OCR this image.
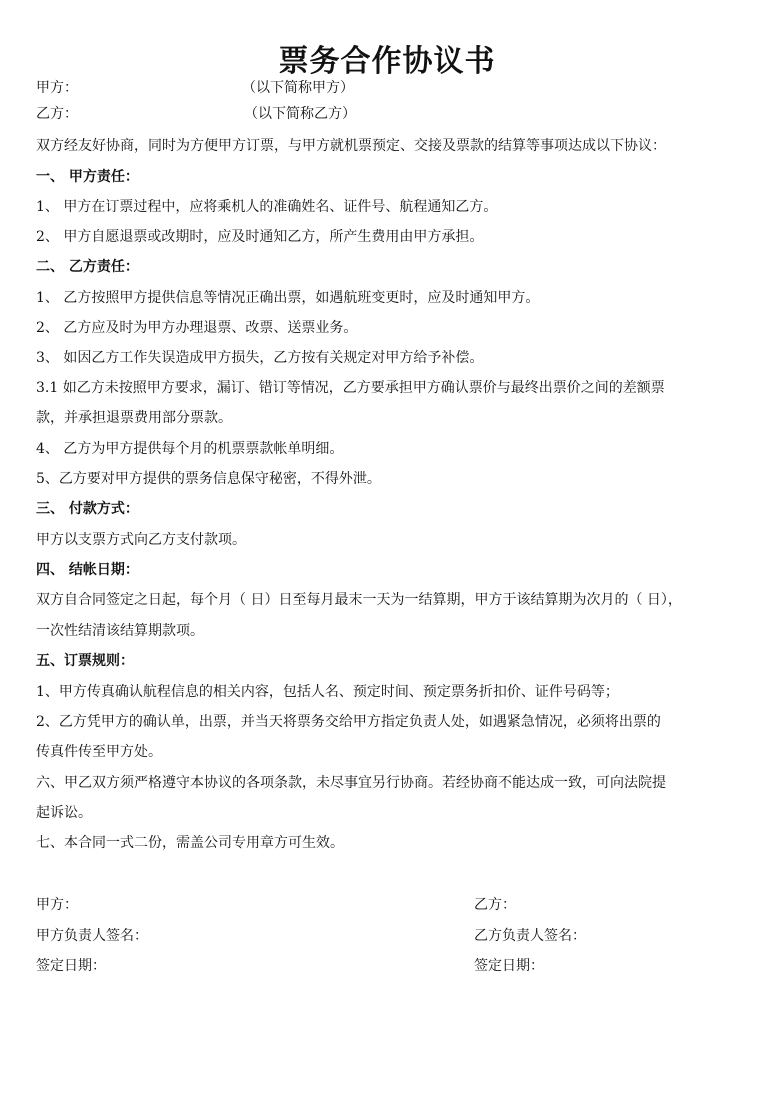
票务合作协议书
甲方：	（以下简称甲方）
乙方：	（以下简称乙方）
双方经友好协商，同时为方便甲方订票，与甲方就机票预定、交接及票款的结算等事项达成以下协议：
一、 甲方责任：
1、 甲方在订票过程中，应将乘机人的准确姓名、证件号、航程通知乙方。
2、 甲方自愿退票或改期时，应及时通知乙方，所产生费用由甲方承担。
二、 乙方责任：
1、 乙方按照甲方提供信息等情况正确出票，如遇航班变更时，应及时通知甲方。
2、 乙方应及时为甲方办理退票、改票、送票业务。
3、 如因乙方工作失误造成甲方损失，乙方按有关规定对甲方给予补偿。
3.1 如乙方未按照甲方要求，漏订、错订等情况，乙方要承担甲方确认票价与最终出票价之间的差额票
款，并承担退票费用部分票款。
4、 乙方为甲方提供每个月的机票票款帐单明细。
5、乙方要对甲方提供的票务信息保守秘密，不得外泄。
三、 付款方式：
甲方以支票方式向乙方支付款项。
四、 结帐日期：
双方自合同签定之日起，每个月（ 日）日至每月最末一天为一结算期，甲方于该结算期为次月的（ 日），
一次性结清该结算期款项。
五、订票规则：
1、甲方传真确认航程信息的相关内容，包括人名、预定时间、预定票务折扣价、证件号码等；
2、乙方凭甲方的确认单，出票，并当天将票务交给甲方指定负责人处，如遇紧急情况，必须将出票的
传真件传至甲方处。
六、甲乙双方须严格遵守本协议的各项条款，未尽事宜另行协商。若经协商不能达成一致，可向法院提
起诉讼。
七、本合同一式二份，需盖公司专用章方可生效。
甲方：
甲方负责人签名：
签定日期：
乙方：
乙方负责人签名：
签定日期：
